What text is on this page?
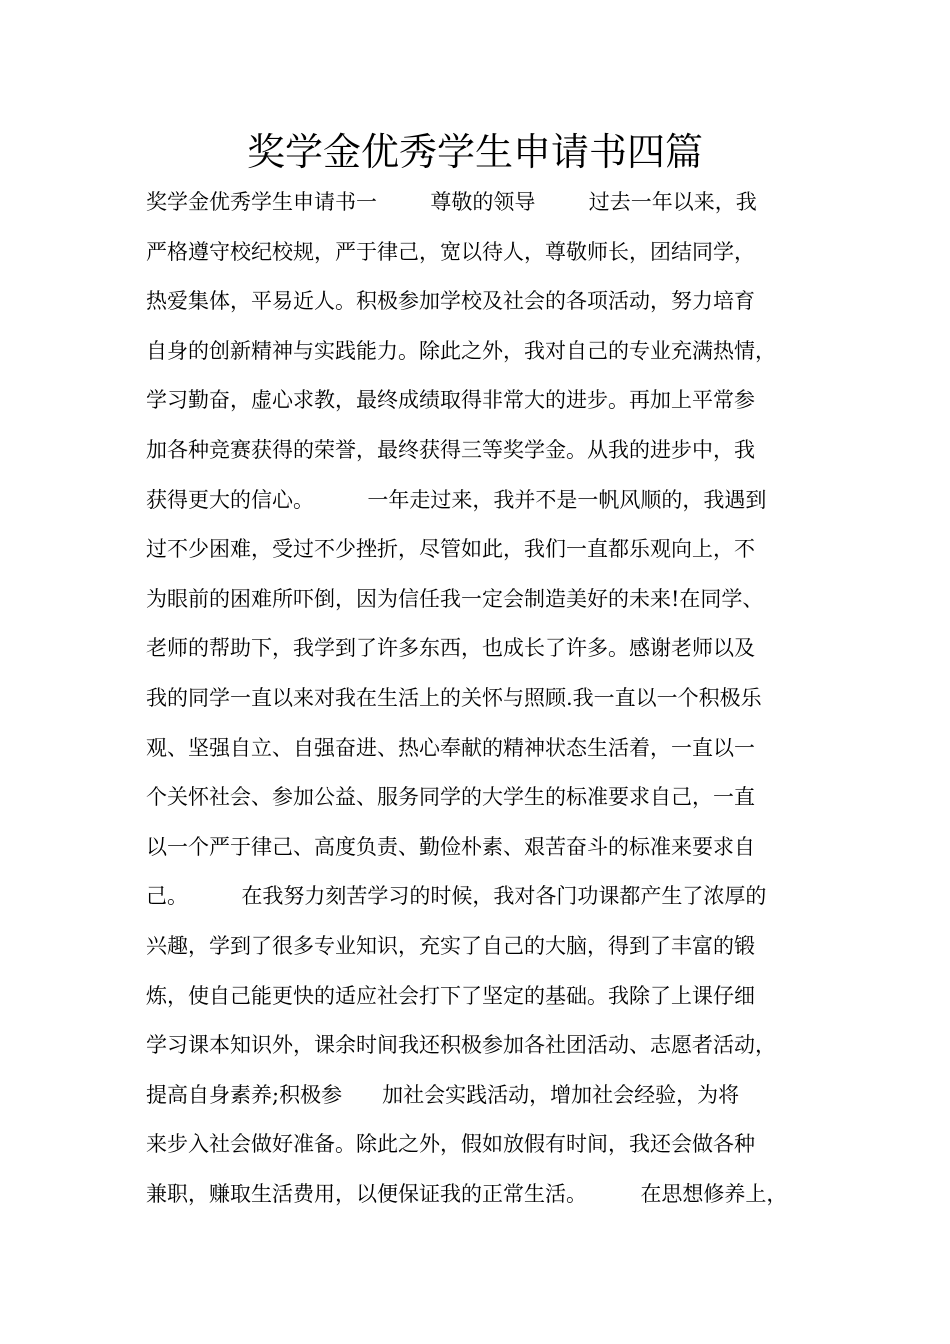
奖学金优秀学生申请书四篇
奖学金优秀学生申请书一        尊敬的领导        过去一年以来，我
严格遵守校纪校规，严于律己，宽以待人，尊敬师长，团结同学，
热爱集体，平易近人。积极参加学校及社会的各项活动，努力培育
自身的创新精神与实践能力。除此之外，我对自己的专业充满热情，
学习勤奋，虚心求教，最终成绩取得非常大的进步。再加上平常参
加各种竞赛获得的荣誉，最终获得三等奖学金。从我的进步中，我
获得更大的信心。        一年走过来，我并不是一帆风顺的，我遇到
过不少困难，受过不少挫折，尽管如此，我们一直都乐观向上，不
为眼前的困难所吓倒，因为信任我一定会制造美好的未来!在同学、
老师的帮助下，我学到了许多东西，也成长了许多。感谢老师以及
我的同学一直以来对我在生活上的关怀与照顾.我一直以一个积极乐
观、坚强自立、自强奋进、热心奉献的精神状态生活着，一直以一
个关怀社会、参加公益、服务同学的大学生的标准要求自己，一直
以一个严于律己、高度负责、勤俭朴素、艰苦奋斗的标准来要求自
己。        在我努力刻苦学习的时候，我对各门功课都产生了浓厚的
兴趣，学到了很多专业知识，充实了自己的大脑，得到了丰富的锻
炼，使自己能更快的适应社会打下了坚定的基础。我除了上课仔细
学习课本知识外，课余时间我还积极参加各社团活动、志愿者活动，
提高自身素养;积极参      加社会实践活动，增加社会经验，为将
来步入社会做好准备。除此之外，假如放假有时间，我还会做各种
兼职，赚取生活费用，以便保证我的正常生活。        在思想修养上，
